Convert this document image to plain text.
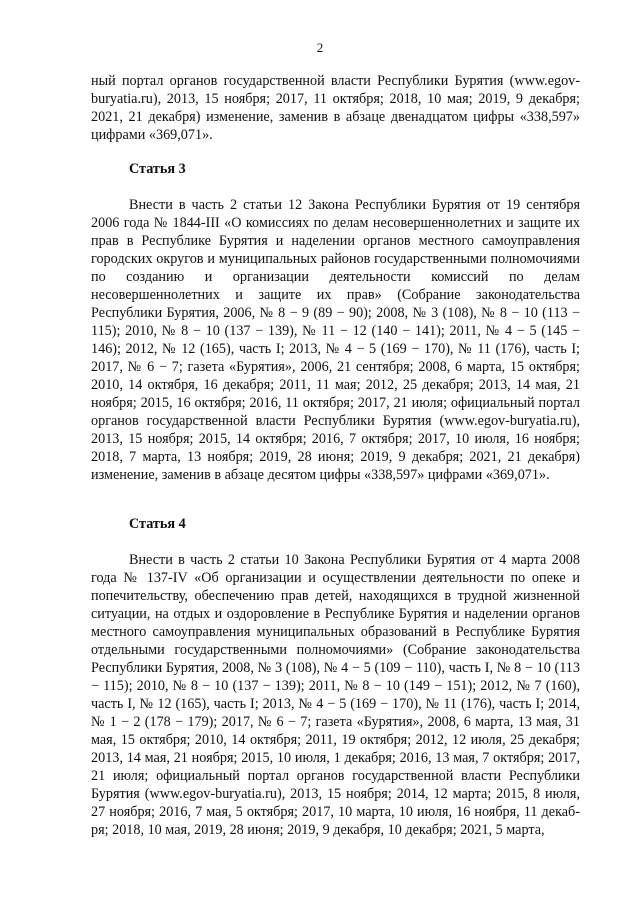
2

ный портал органов государственной власти Республики Бурятия (www.egov-buryatia.ru), 2013, 15 ноября; 2017, 11 октября; 2018, 10 мая; 2019, 9 декабря; 2021, 21 декабря) изменение, заменив в абзаце двенадцатом цифры «338,597» цифрами «369,071».

Статья 3

Внести в часть 2 статьи 12 Закона Республики Бурятия от 19 сентября 2006 года № 1844-III «О комиссиях по делам несовершеннолетних и защите их прав в Республике Бурятия и наделении органов местного самоуправления городских округов и муниципальных районов государственными полномочиями по созданию и организации деятельности комиссий по делам несовершеннолетних и защите их прав» (Собрание законодательства Республики Бурятия, 2006, № 8 − 9 (89 − 90); 2008, № 3 (108), № 8 − 10 (113 − 115); 2010, № 8 − 10 (137 − 139), № 11 − 12 (140 − 141); 2011, № 4 − 5 (145 − 146); 2012, № 12 (165), часть I; 2013, № 4 − 5 (169 − 170), № 11 (176), часть I; 2017, № 6 − 7; газета «Бурятия», 2006, 21 сентября; 2008, 6 марта, 15 октября; 2010, 14 октября, 16 декабря; 2011, 11 мая; 2012, 25 декабря; 2013, 14 мая, 21 ноября; 2015, 16 октября; 2016, 11 октября; 2017, 21 июля; официальный портал органов государственной власти Республики Бурятия (www.egov-buryatia.ru), 2013, 15 ноября; 2015, 14 октября; 2016, 7 октября; 2017, 10 июля, 16 ноября; 2018, 7 марта, 13 ноября; 2019, 28 июня; 2019, 9 декабря; 2021, 21 декабря) изменение, заменив в абзаце десятом цифры «338,597» цифрами «369,071».

Статья 4

Внести в часть 2 статьи 10 Закона Республики Бурятия от 4 марта 2008 года № 137-IV «Об организации и осуществлении деятельности по опеке и попечительству, обеспечению прав детей, находящихся в трудной жизненной ситуации, на отдых и оздоровление в Республике Бурятия и наделении органов местного самоуправления муниципальных образований в Республике Бурятия отдельными государственными полномочиями» (Собрание законодательства Республики Бурятия, 2008, № 3 (108), № 4 − 5 (109 − 110), часть I, № 8 − 10 (113 − 115); 2010, № 8 − 10 (137 − 139); 2011, № 8 − 10 (149 − 151); 2012, № 7 (160), часть I, № 12 (165), часть I; 2013, № 4 − 5 (169 − 170), № 11 (176), часть I; 2014, № 1 − 2 (178 − 179); 2017, № 6 − 7; газета «Бурятия», 2008, 6 марта, 13 мая, 31 мая, 15 октября; 2010, 14 октября; 2011, 19 октября; 2012, 12 июля, 25 декабря; 2013, 14 мая, 21 ноября; 2015, 10 июля, 1 декабря; 2016, 13 мая, 7 октября; 2017, 21 июля; официальный портал органов государственной власти Республики Бурятия (www.egov-buryatia.ru), 2013, 15 ноября; 2014, 12 марта; 2015, 8 июля, 27 ноября; 2016, 7 мая, 5 октября; 2017, 10 марта, 10 июля, 16 ноября, 11 декабря; 2018, 10 мая, 2019, 28 июня; 2019, 9 декабря, 10 декабря; 2021, 5 марта,
